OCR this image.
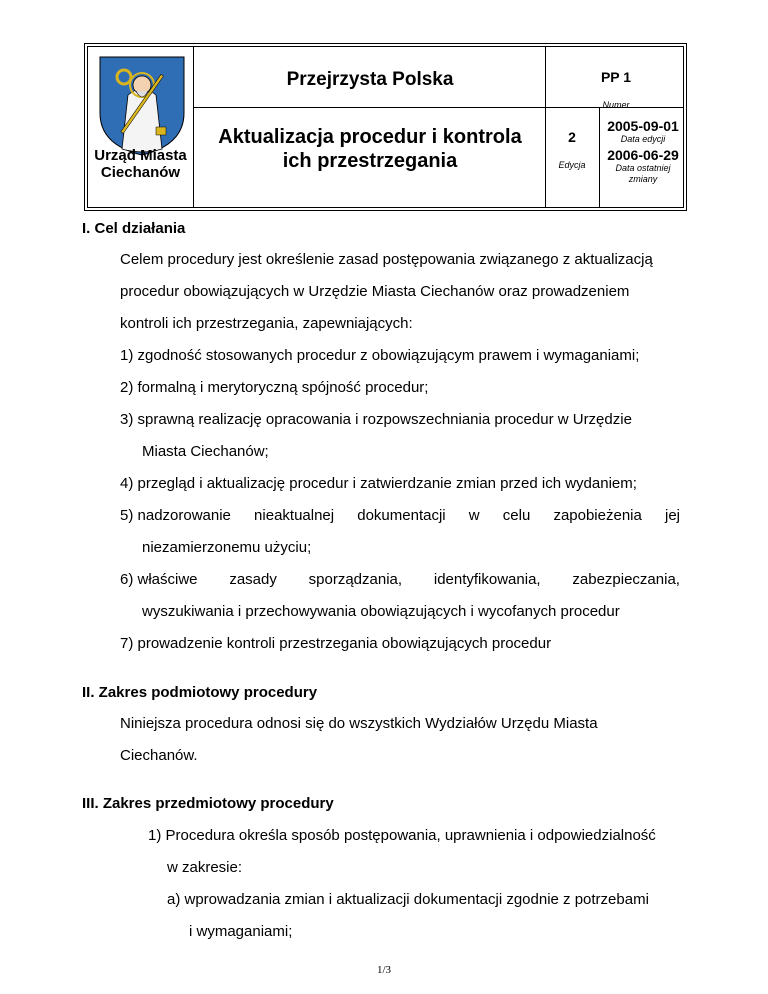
Urząd Miasta
Ciechanów
Przejrzysta Polska
Aktualizacja procedur i kontrola
ich przestrzegania
PP 1
Numer
2
Edycja
2005-09-01
Data edycji
2006-06-29
Data ostatniej
zmiany
I. Cel działania
Celem procedury jest określenie zasad postępowania związanego z aktualizacją
procedur obowiązujących w Urzędzie Miasta Ciechanów oraz prowadzeniem
kontroli ich przestrzegania, zapewniających:
1) zgodność stosowanych procedur z obowiązującym prawem i wymaganiami;
2) formalną i merytoryczną spójność procedur;
3) sprawną realizację opracowania i rozpowszechniania procedur w Urzędzie
Miasta Ciechanów;
4) przegląd i aktualizację procedur i zatwierdzanie zmian przed ich wydaniem;
5) nadzorowanie nieaktualnej dokumentacji w celu zapobieżenia jej
niezamierzonemu użyciu;
6) właściwe zasady sporządzania, identyfikowania, zabezpieczania,
wyszukiwania i przechowywania obowiązujących i wycofanych procedur
7) prowadzenie kontroli przestrzegania obowiązujących procedur
II. Zakres podmiotowy procedury
Niniejsza procedura odnosi się do wszystkich Wydziałów Urzędu Miasta
Ciechanów.
III. Zakres przedmiotowy procedury
1) Procedura określa sposób postępowania, uprawnienia i odpowiedzialność
w zakresie:
a) wprowadzania zmian i aktualizacji dokumentacji zgodnie z potrzebami
i wymaganiami;
1/3
